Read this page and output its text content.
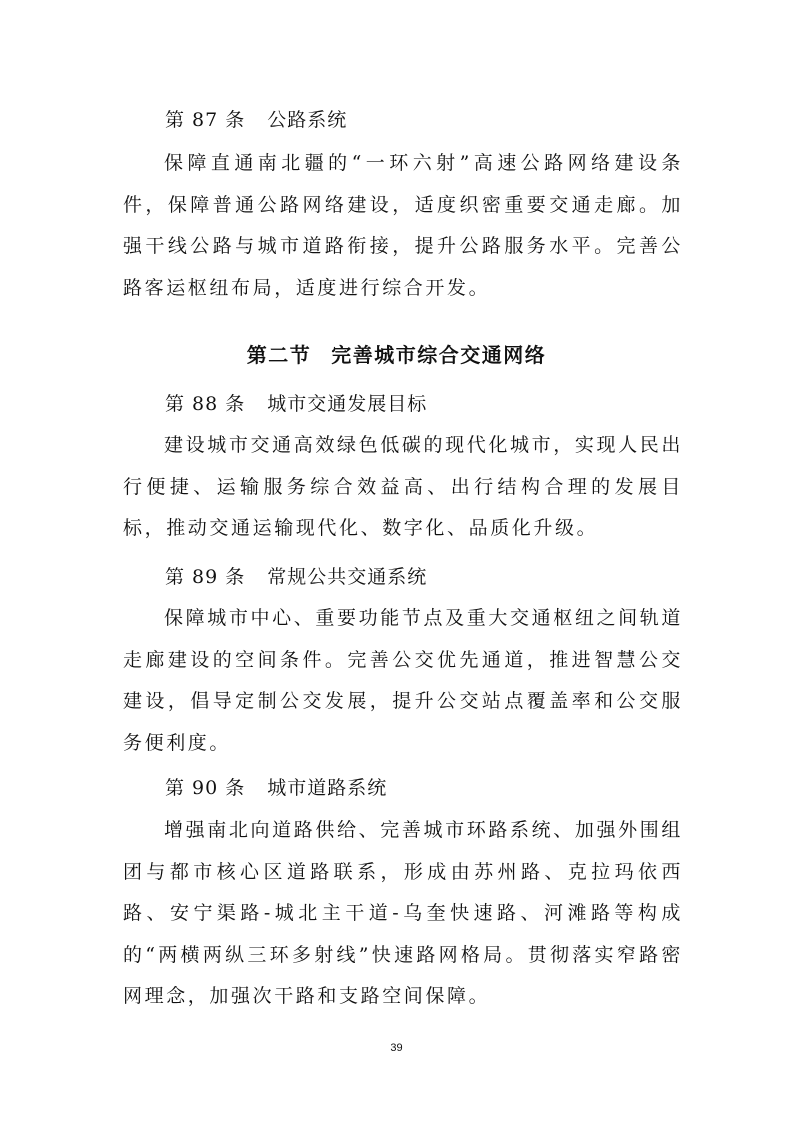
第 87 条 公路系统

保障直通南北疆的“一环六射”高速公路网络建设条件，保障普通公路网络建设，适度织密重要交通走廊。加强干线公路与城市道路衔接，提升公路服务水平。完善公路客运枢纽布局，适度进行综合开发。

第二节 完善城市综合交通网络
第 88 条 城市交通发展目标

建设城市交通高效绿色低碳的现代化城市，实现人民出行便捷、运输服务综合效益高、出行结构合理的发展目标，推动交通运输现代化、数字化、品质化升级。

第 89 条 常规公共交通系统

保障城市中心、重要功能节点及重大交通枢纽之间轨道走廊建设的空间条件。完善公交优先通道，推进智慧公交建设，倡导定制公交发展，提升公交站点覆盖率和公交服务便利度。

第 90 条 城市道路系统

增强南北向道路供给、完善城市环路系统、加强外围组团与都市核心区道路联系，形成由苏州路、克拉玛依西路、安宁渠路-城北主干道-乌奎快速路、河滩路等构成的“两横两纵三环多射线”快速路网格局。贯彻落实窄路密网理念，加强次干路和支路空间保障。

39
